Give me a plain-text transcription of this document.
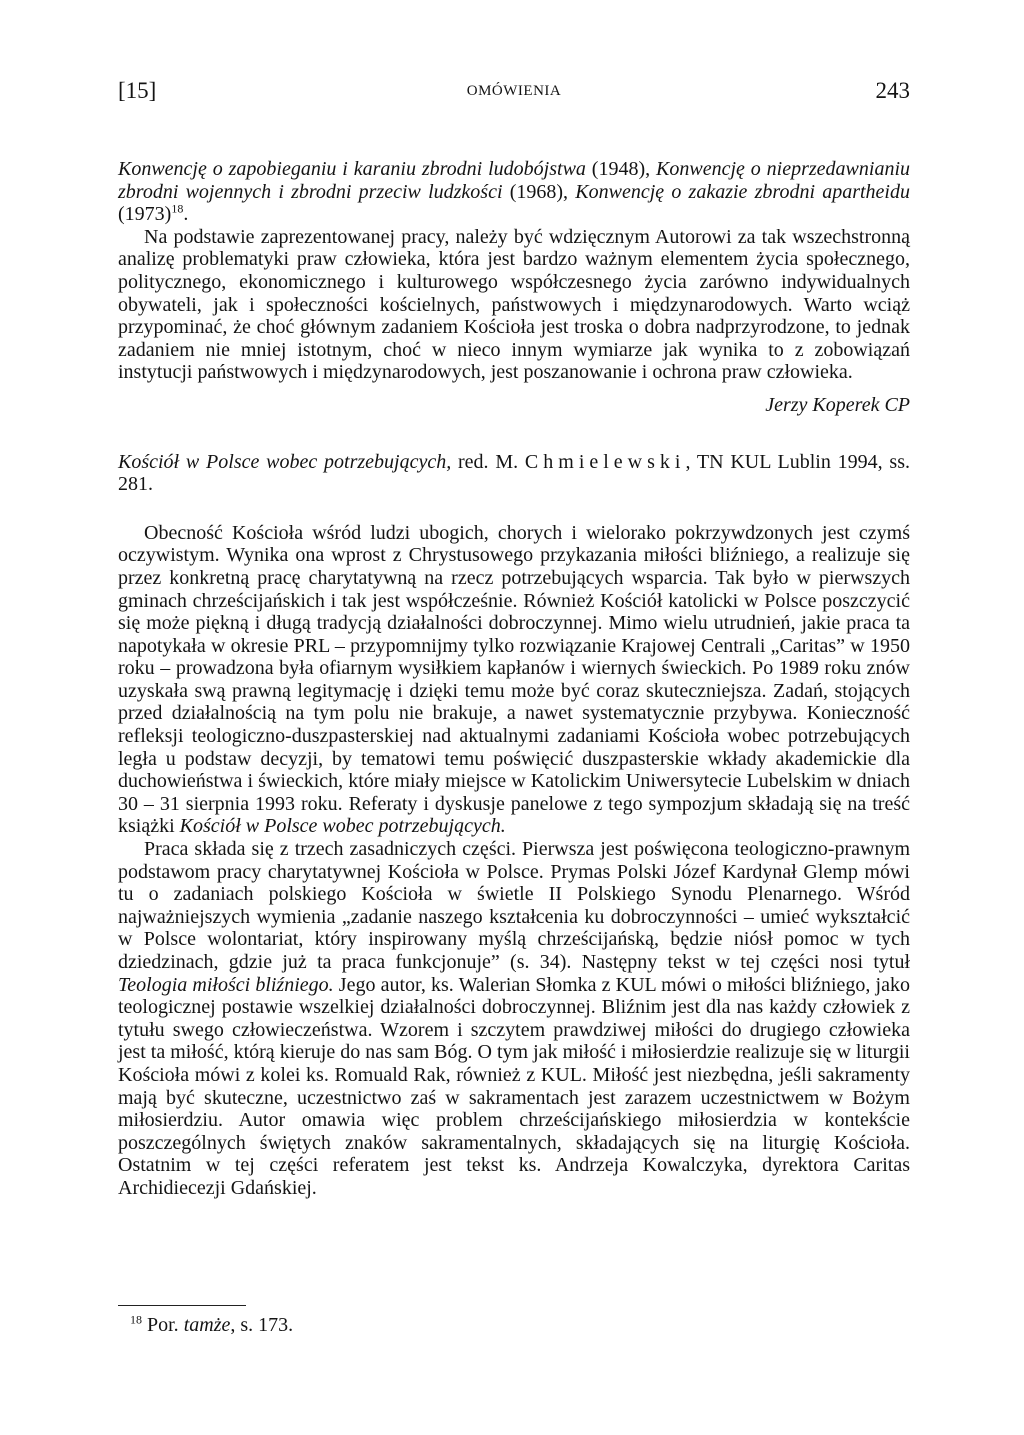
[15]	OMÓWIENIA	243

Konwencję o zapobieganiu i karaniu zbrodni ludobójstwa (1948), Konwencję o nieprzedawnianiu zbrodni wojennych i zbrodni przeciw ludzkości (1968), Konwencję o zakazie zbrodni apartheidu $(1973)^{18}$.

Na podstawie zaprezentowanej pracy, należy być wdzięcznym Autorowi za tak wszechstronną analizę problematyki praw człowieka, która jest bardzo ważnym elementem życia społecznego, politycznego, ekonomicznego i kulturowego współczesnego życia zarówno indywidualnych obywateli, jak i społeczności kościelnych, państwowych i międzynarodowych. Warto wciąż przypominać, że choć głównym zadaniem Kościoła jest troska o dobra nadprzyrodzone, to jednak zadaniem nie mniej istotnym, choć w nieco innym wymiarze jak wynika to z zobowiązań instytucji państwowych i międzynarodowych, jest poszanowanie i ochrona praw człowieka.

Jerzy Koperek CP

Kościół w Polsce wobec potrzebujących, red. M. Chmielewski, TN KUL Lublin 1994, ss. 281.

Obecność Kościoła wśród ludzi ubogich, chorych i wielorako pokrzywdzonych jest czymś oczywistym. Wynika ona wprost z Chrystusowego przykazania miłości bliźniego, a realizuje się przez konkretną pracę charytatywną na rzecz potrzebujących wsparcia. Tak było w pierwszych gminach chrześcijańskich i tak jest współcześnie. Również Kościół katolicki w Polsce poszczycić się może piękną i długą tradycją działalności dobroczynnej. Mimo wielu utrudnień, jakie praca ta napotykała w okresie PRL – przypomnijmy tylko rozwiązanie Krajowej Centrali „Caritas” w 1950 roku – prowadzona była ofiarnym wysiłkiem kapłanów i wiernych świeckich. Po 1989 roku znów uzyskała swą prawną legitymację i dzięki temu może być coraz skuteczniejsza. Zadań, stojących przed działalnością na tym polu nie brakuje, a nawet systematycznie przybywa. Konieczność refleksji teologiczno-duszpasterskiej nad aktualnymi zadaniami Kościoła wobec potrzebujących legła u podstaw decyzji, by tematowi temu poświęcić duszpasterskie wkłady akademickie dla duchowieństwa i świeckich, które miały miejsce w Katolickim Uniwersytecie Lubelskim w dniach 30 – 31 sierpnia 1993 roku. Referaty i dyskusje panelowe z tego sympozjum składają się na treść książki Kościół w Polsce wobec potrzebujących.

Praca składa się z trzech zasadniczych części. Pierwsza jest poświęcona teologiczno-prawnym podstawom pracy charytatywnej Kościoła w Polsce. Prymas Polski Józef Kardynał Glemp mówi tu o zadaniach polskiego Kościoła w świetle II Polskiego Synodu Plenarnego. Wśród najważniejszych wymienia „zadanie naszego kształcenia ku dobroczynności – umieć wykształcić w Polsce wolontariat, który inspirowany myślą chrześcijańską, będzie niósł pomoc w tych dziedzinach, gdzie już ta praca funkcjonuje” (s. 34). Następny tekst w tej części nosi tytuł Teologia miłości bliźniego. Jego autor, ks. Walerian Słomka z KUL mówi o miłości bliźniego, jako teologicznej postawie wszelkiej działalności dobroczynnej. Bliźnim jest dla nas każdy człowiek z tytułu swego człowieczeństwa. Wzorem i szczytem prawdziwej miłości do drugiego człowieka jest ta miłość, którą kieruje do nas sam Bóg. O tym jak miłość i miłosierdzie realizuje się w liturgii Kościoła mówi z kolei ks. Romuald Rak, również z KUL. Miłość jest niezbędna, jeśli sakramenty mają być skuteczne, uczestnictwo zaś w sakramentach jest zarazem uczestnictwem w Bożym miłosierdziu. Autor omawia więc problem chrześcijańskiego miłosierdzia w kontekście poszczególnych świętych znaków sakramentalnych, składających się na liturgię Kościoła. Ostatnim w tej części referatem jest tekst ks. Andrzeja Kowalczyka, dyrektora Caritas Archidiecezji Gdańskiej.

$^{18}$ Por. tamże, s. 173.
